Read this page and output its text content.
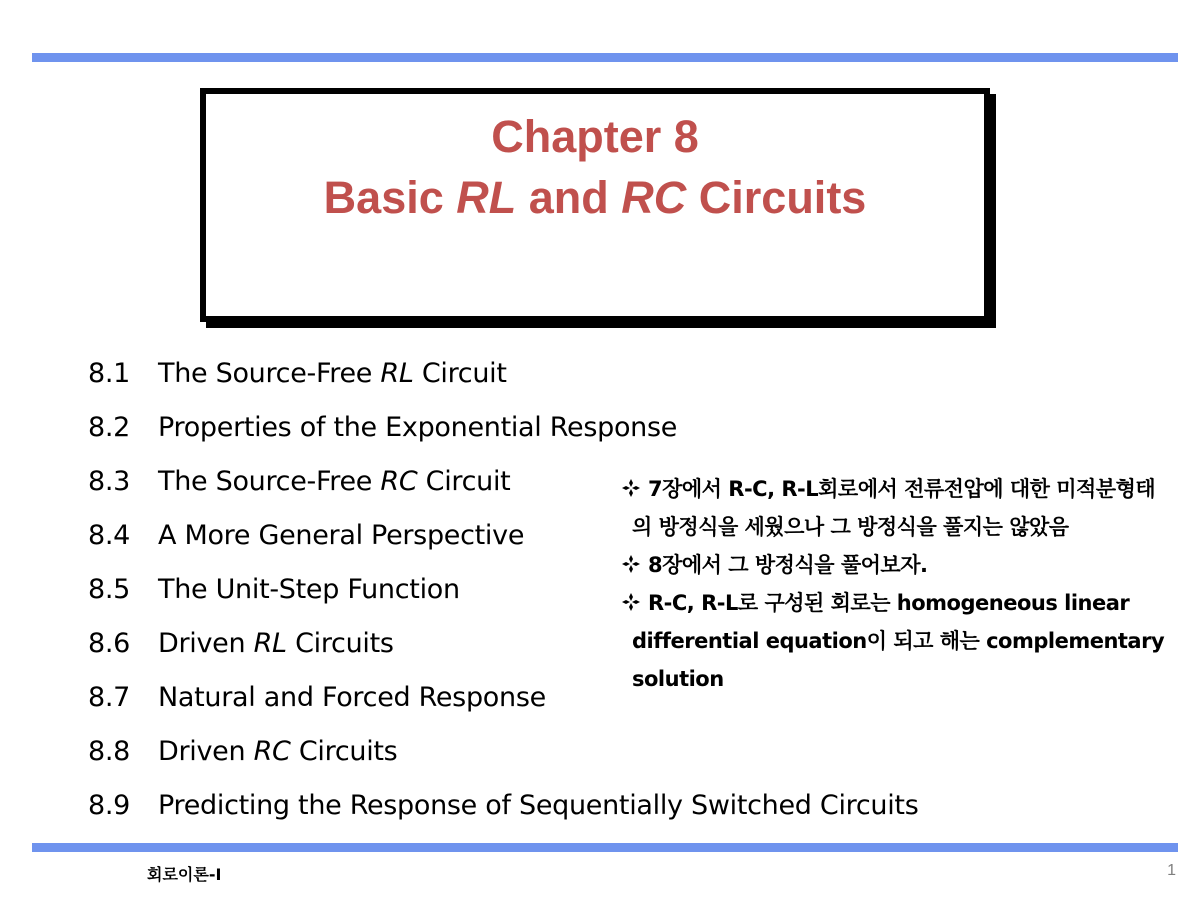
Chapter 8
Basic RL and RC Circuits
8.1 The Source-Free RL Circuit
8.2 Properties of the Exponential Response
8.3 The Source-Free RC Circuit
8.4 A More General Perspective
8.5 The Unit-Step Function
8.6 Driven RL Circuits
8.7 Natural and Forced Response
8.8 Driven RC Circuits
8.9 Predicting the Response of Sequentially Switched Circuits
7장에서 R-C, R-L회로에서 전류전압에 대한 미적분형태의 방정식을 세웠으나 그 방정식을 풀지는 않았음
8장에서 그 방정식을 풀어보자.
R-C, R-L로 구성된 회로는 homogeneous linear differential equation이 되고 해는 complementary solution
회로이론-I	1
